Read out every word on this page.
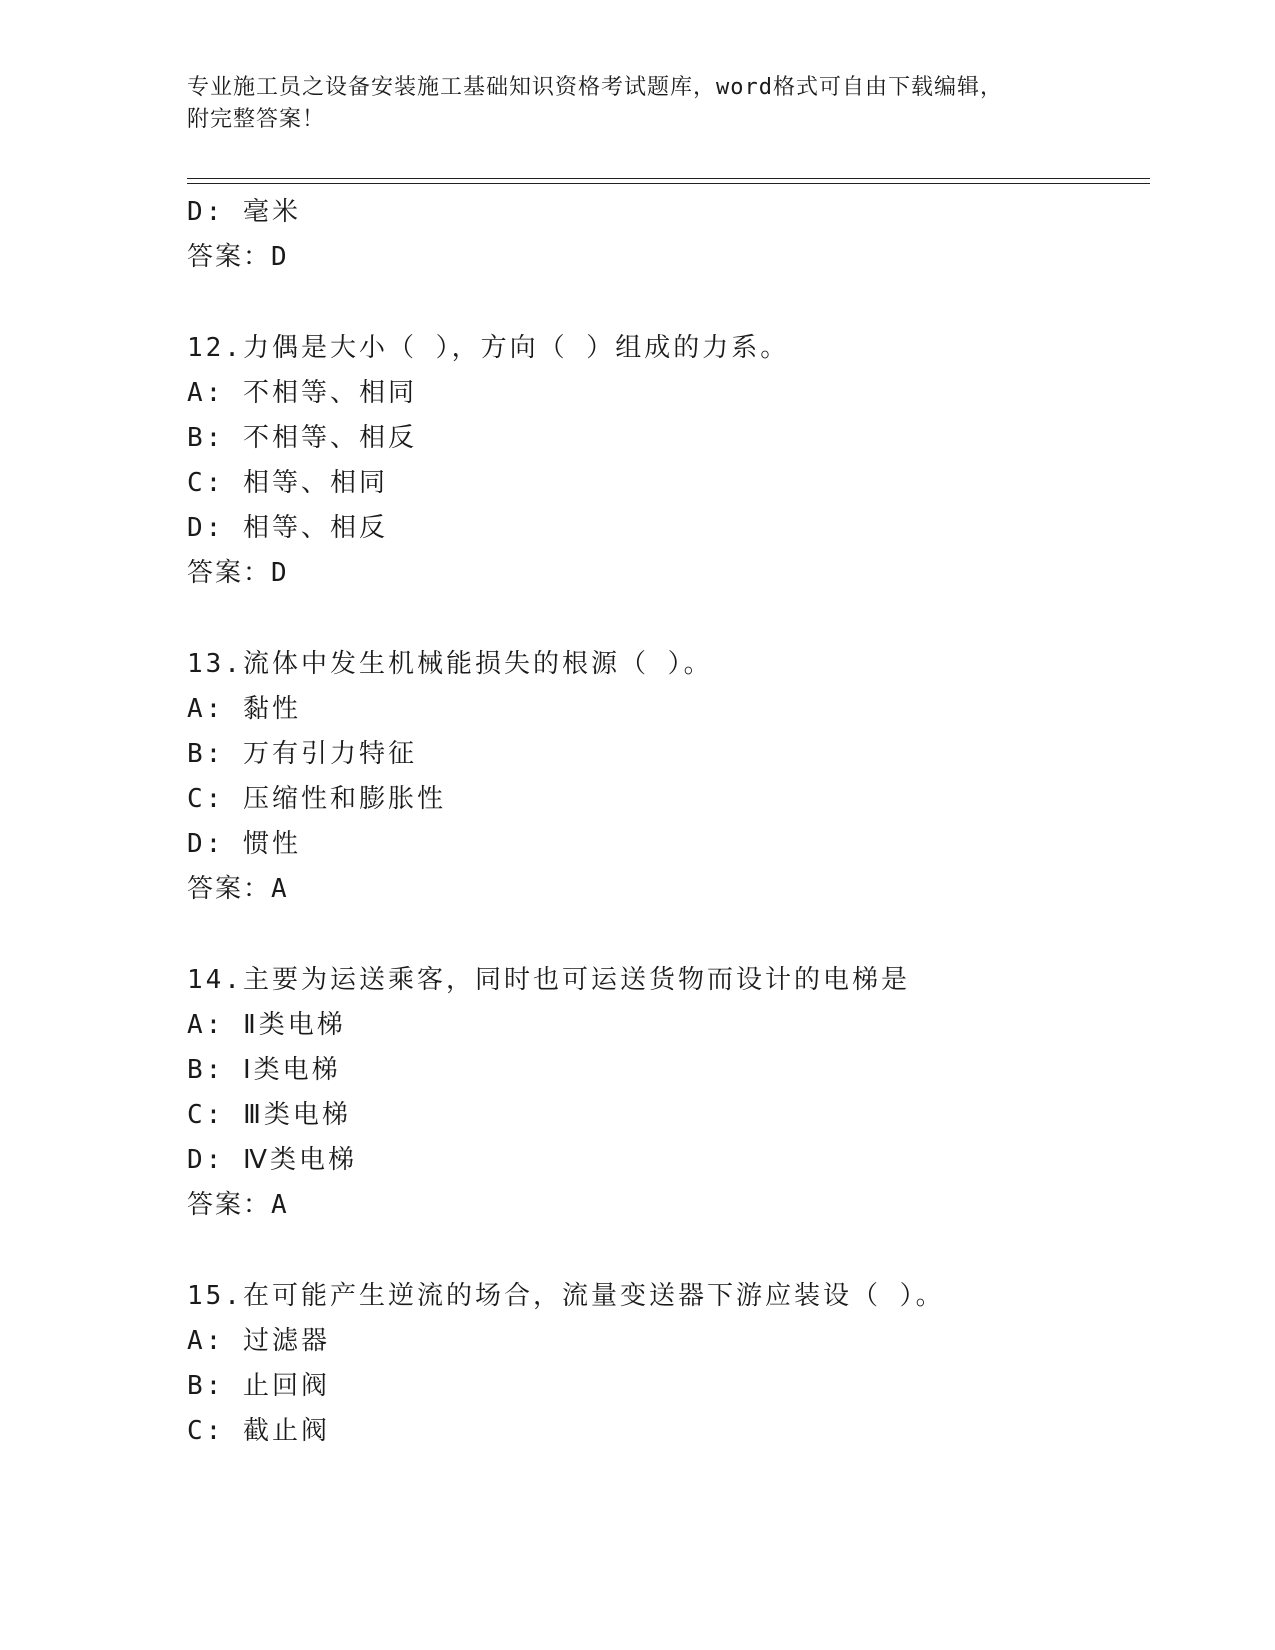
专业施工员之设备安装施工基础知识资格考试题库，word格式可自由下载编辑，
附完整答案！
D: 毫米
答案：D
12.力偶是大小（ ），方向（ ）组成的力系。
A: 不相等、相同
B: 不相等、相反
C: 相等、相同
D: 相等、相反
答案：D
13.流体中发生机械能损失的根源（ ）。
A: 黏性
B: 万有引力特征
C: 压缩性和膨胀性
D: 惯性
答案：A
14.主要为运送乘客，同时也可运送货物而设计的电梯是
A: Ⅱ类电梯
B: Ⅰ类电梯
C: Ⅲ类电梯
D: Ⅳ类电梯
答案：A
15.在可能产生逆流的场合，流量变送器下游应装设（ ）。
A: 过滤器
B: 止回阀
C: 截止阀
